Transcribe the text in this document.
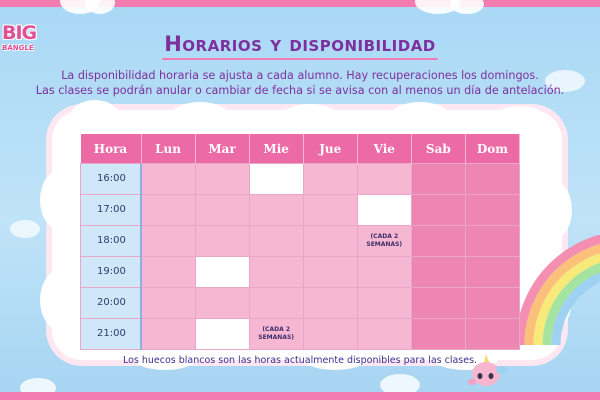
BIG
BANGLE	Horarios y disponibilidad
La disponibilidad horaria se ajusta a cada alumno. Hay recuperaciones los domingos.
Las clases se podrán anular o cambiar de fecha si se avisa con al menos un día de antelación.
Hora	Lun	Mar	Mie	Jue	Vie	Sab	Dom
16:00							
17:00							
18:00					(CADA 2 SEMANAS)		
19:00							
20:00							
21:00			(CADA 2 SEMANAS)				
Los huecos blancos son las horas actualmente disponibles para las clases.
